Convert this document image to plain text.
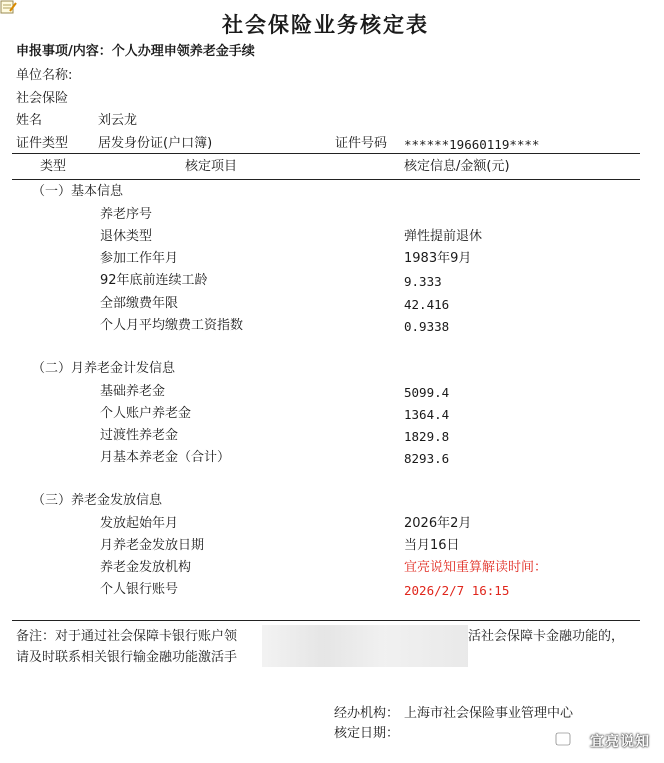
社会保险业务核定表
申报事项/内容：个人办理申领养老金手续
单位名称:
社会保险
姓名	刘云龙
证件类型 居发身份证(户口簿)	证件号码 ******19660119****
类型	核定项目	核定信息/金额(元)
（一）基本信息
养老序号
退休类型	弹性提前退休
参加工作年月	1983年9月
92年底前连续工龄	9.333
全部缴费年限	42.416
个人月平均缴费工资指数	0.9338
（二）月养老金计发信息
基础养老金	5099.4
个人账户养老金	1364.4
过渡性养老金	1829.8
月基本养老金（合计）	8293.6
（三）养老金发放信息
发放起始年月	2026年2月
月养老金发放日期	当月16日
养老金发放机构	宜亮说知重算解读时间：
个人银行账号	2026/2/7 16:15
备注：对于通过社会保障卡银行账户领	活社会保障卡金融功能的，
请及时联系相关银行输金融功能激活手
经办机构： 上海市社会保险事业管理中心
核定日期：
宜亮说知
